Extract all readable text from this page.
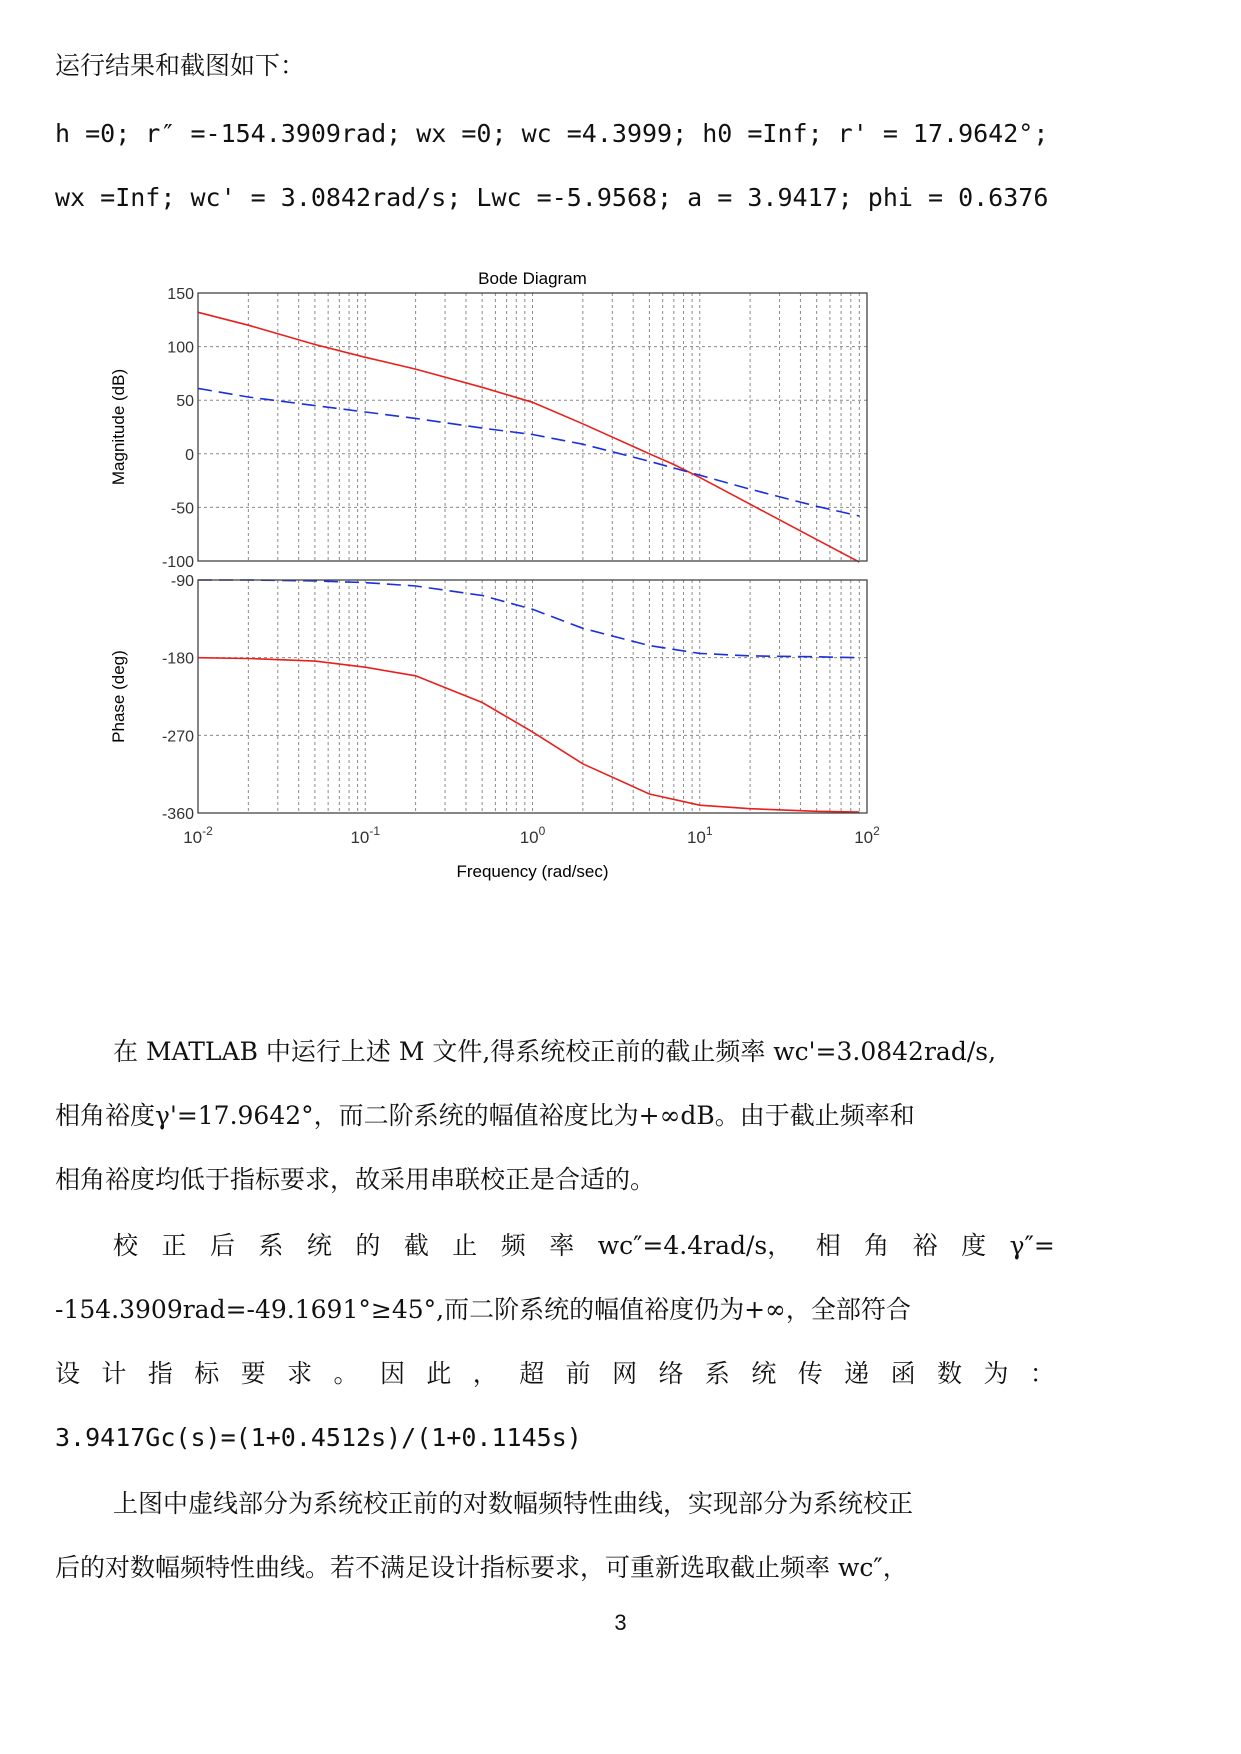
运行结果和截图如下：
h =0; r″ =-154.3909rad; wx =0; wc =4.3999; h0 =Inf; r' = 17.9642°;
wx =Inf; wc' = 3.0842rad/s; Lwc =-5.9568; a = 3.9417; phi = 0.6376
Bode Diagram
150
100
50
0
-50
-100
Magnitude (dB)
-90
-180
-270
-360
Phase (deg)
$10^{-2}$	$10^{-1}$	$10^0$	$10^1$	$10^2$
Frequency (rad/sec)
在 MATLAB 中运行上述 M 文件,得系统校正前的截止频率 wc'=3.0842rad/s,
相角裕度γ'=17.9642°，而二阶系统的幅值裕度比为+∞dB。由于截止频率和
相角裕度均低于指标要求，故采用串联校正是合适的。
校 正 后 系 统 的 截 止 频 率 wc″=4.4rad/s， 相 角 裕 度 γ″=
-154.3909rad=-49.1691°≥45°,而二阶系统的幅值裕度仍为+∞，全部符合
设 计 指 标 要 求 。 因 此 ， 超 前 网 络 系 统 传 递 函 数 为 ：
3.9417Gc(s)=(1+0.4512s)/(1+0.1145s)
上图中虚线部分为系统校正前的对数幅频特性曲线，实现部分为系统校正
后的对数幅频特性曲线。若不满足设计指标要求，可重新选取截止频率 wc″，
3
